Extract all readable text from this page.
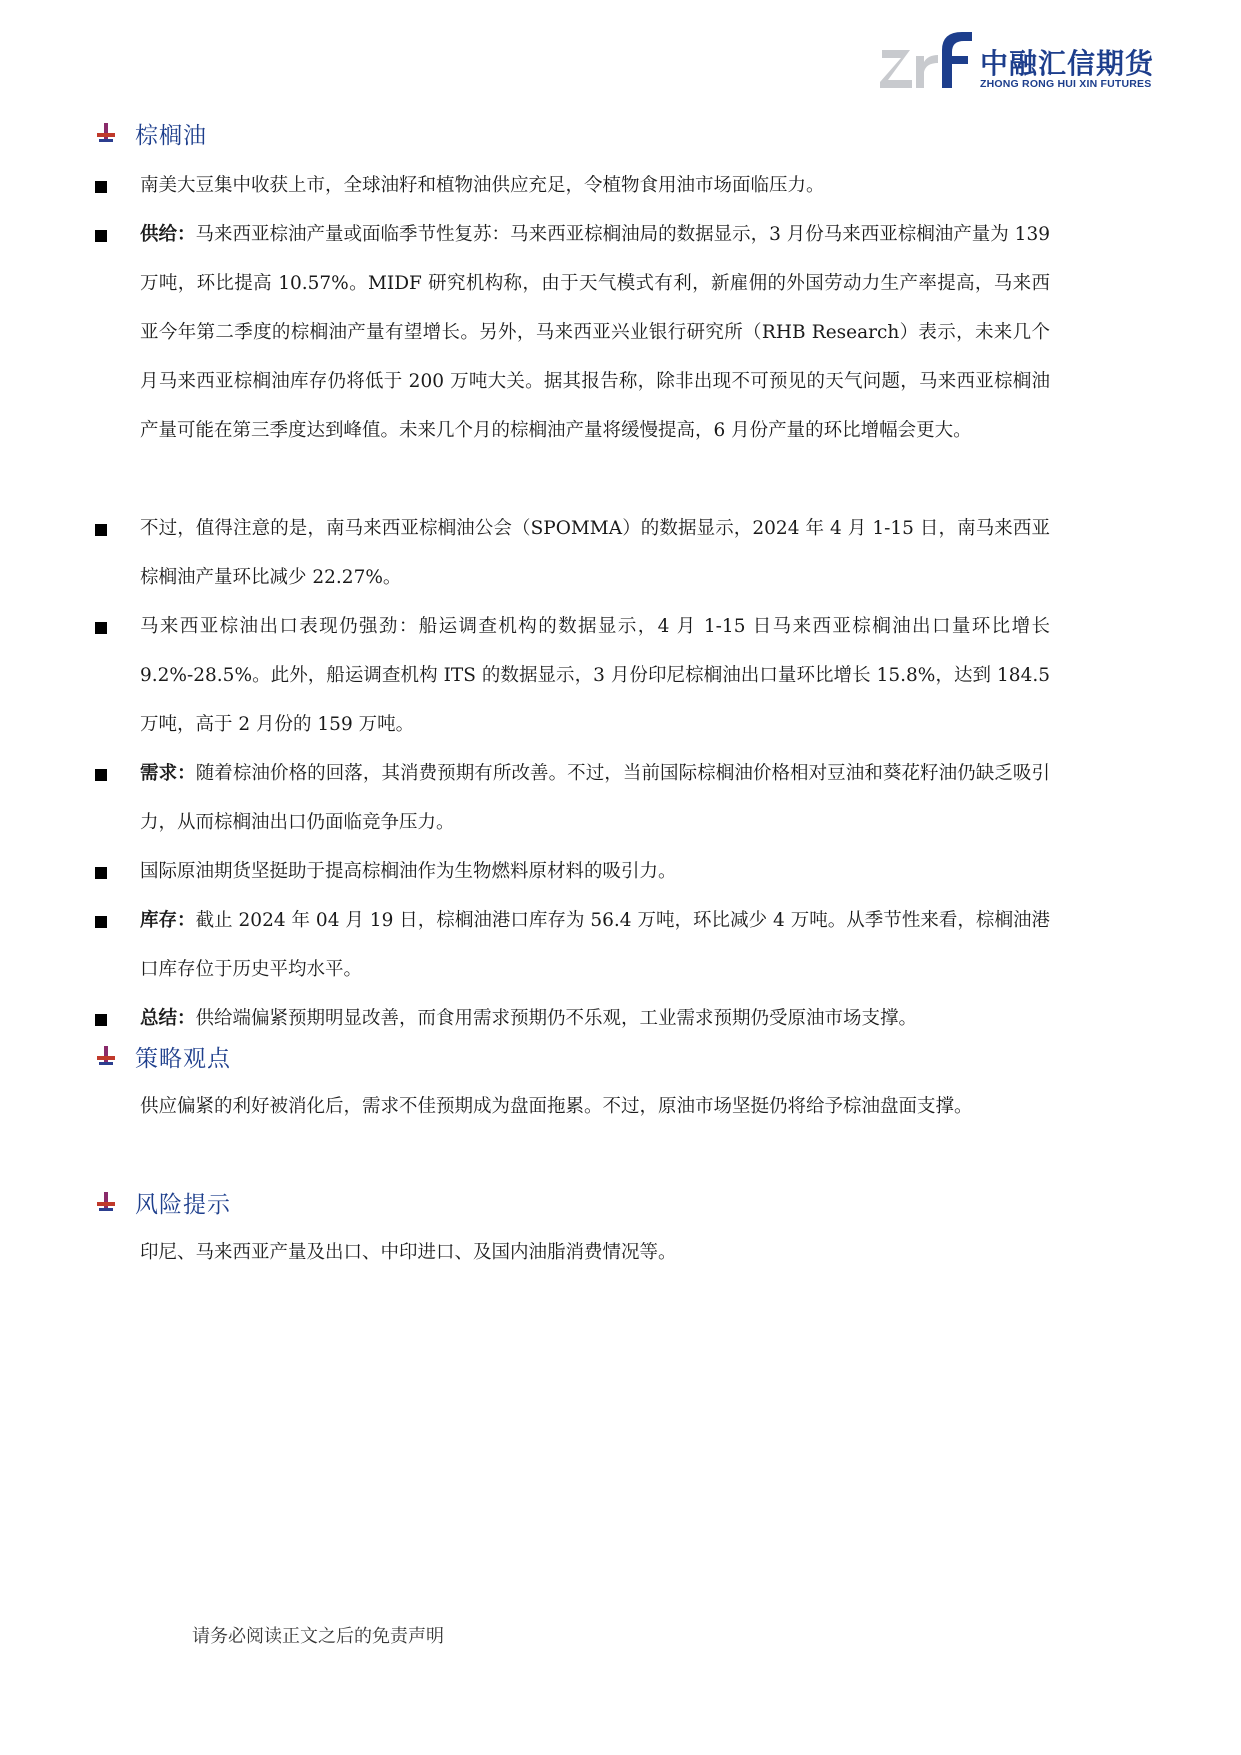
中融汇信期货
ZHONG RONG HUI XIN FUTURES
棕榈油
南美大豆集中收获上市，全球油籽和植物油供应充足，令植物食用油市场面临压力。
供给：马来西亚棕油产量或面临季节性复苏：马来西亚棕榈油局的数据显示，3 月份马来西亚棕榈油产量为 139 万吨，环比提高 10.57%。MIDF 研究机构称，由于天气模式有利，新雇佣的外国劳动力生产率提高，马来西亚今年第二季度的棕榈油产量有望增长。另外，马来西亚兴业银行研究所（RHB Research）表示，未来几个月马来西亚棕榈油库存仍将低于 200 万吨大关。据其报告称，除非出现不可预见的天气问题，马来西亚棕榈油产量可能在第三季度达到峰值。未来几个月的棕榈油产量将缓慢提高，6 月份产量的环比增幅会更大。
不过，值得注意的是，南马来西亚棕榈油公会（SPOMMA）的数据显示，2024 年 4 月 1-15 日，南马来西亚棕榈油产量环比减少 22.27%。
马来西亚棕油出口表现仍强劲：船运调查机构的数据显示，4 月 1-15 日马来西亚棕榈油出口量环比增长 9.2%-28.5%。此外，船运调查机构 ITS 的数据显示，3 月份印尼棕榈油出口量环比增长 15.8%，达到 184.5 万吨，高于 2 月份的 159 万吨。
需求：随着棕油价格的回落，其消费预期有所改善。不过，当前国际棕榈油价格相对豆油和葵花籽油仍缺乏吸引力，从而棕榈油出口仍面临竞争压力。
国际原油期货坚挺助于提高棕榈油作为生物燃料原材料的吸引力。
库存：截止 2024 年 04 月 19 日，棕榈油港口库存为 56.4 万吨，环比减少 4 万吨。从季节性来看，棕榈油港口库存位于历史平均水平。
总结：供给端偏紧预期明显改善，而食用需求预期仍不乐观，工业需求预期仍受原油市场支撑。
策略观点
供应偏紧的利好被消化后，需求不佳预期成为盘面拖累。不过，原油市场坚挺仍将给予棕油盘面支撑。
风险提示
印尼、马来西亚产量及出口、中印进口、及国内油脂消费情况等。
请务必阅读正文之后的免责声明
